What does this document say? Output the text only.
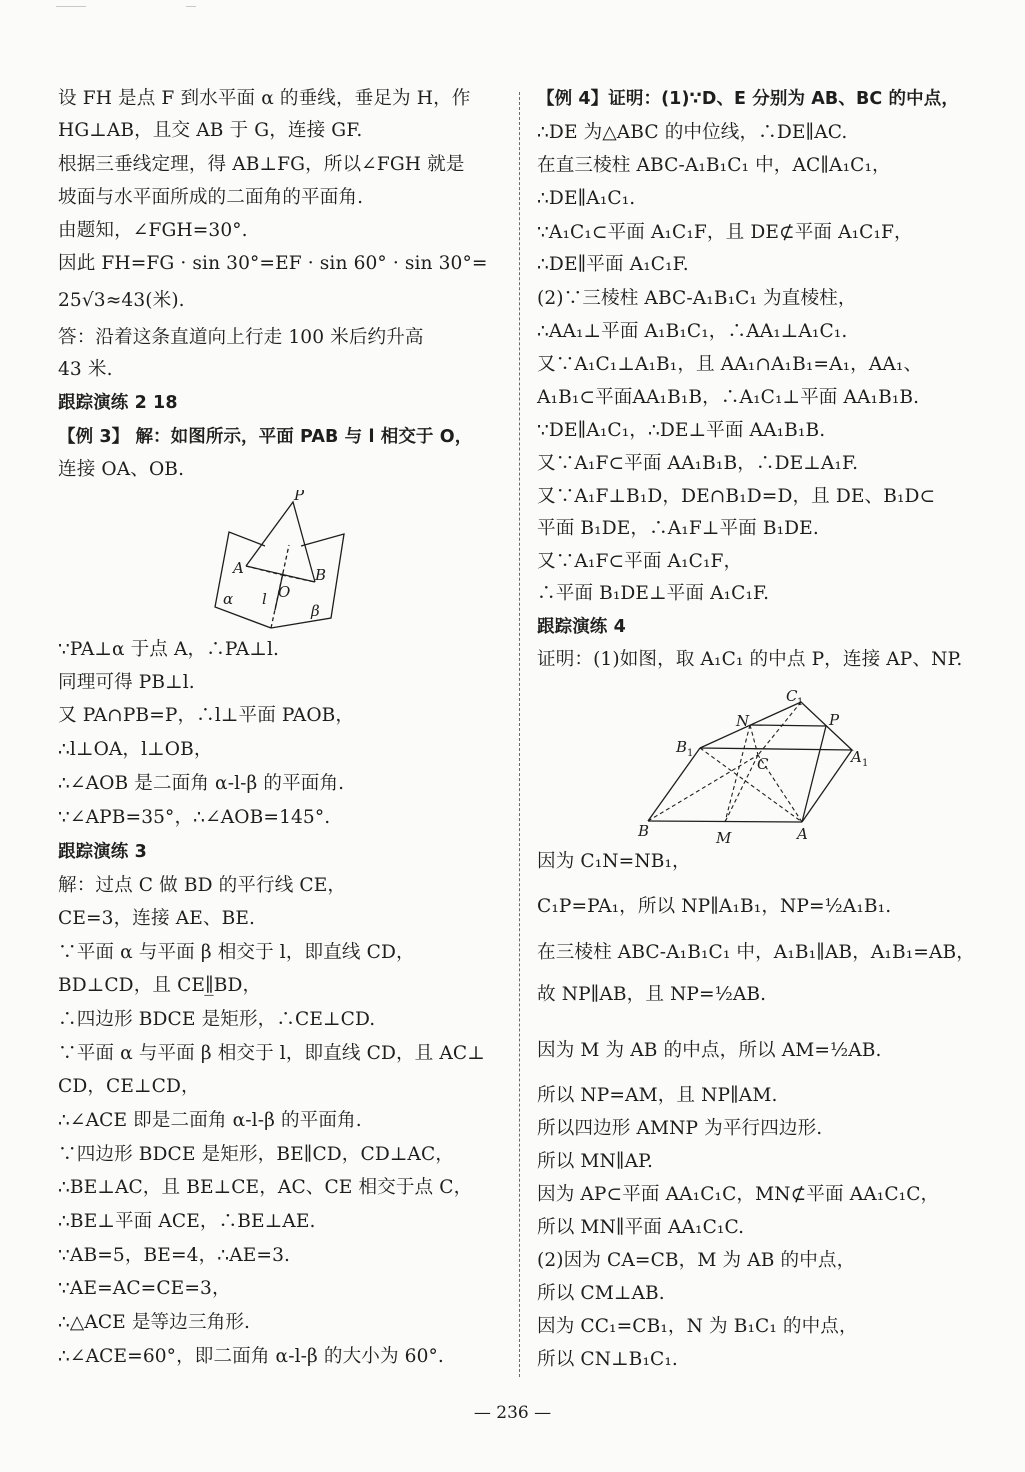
设 FH 是点 F 到水平面 α 的垂线，垂足为 H，作
HG⊥AB，且交 AB 于 G，连接 GF.
根据三垂线定理，得 AB⊥FG，所以∠FGH 就是
坡面与水平面所成的二面角的平面角.
由题知，∠FGH=30°.
因此 FH=FG · sin 30°=EF · sin 60° · sin 30°=
25√3≈43(米).
答：沿着这条直道向上行走 100 米后约升高
43 米.
跟踪演练 2 18
【例 3】 解：如图所示，平面 PAB 与 l 相交于 O，
连接 OA、OB.
∵PA⊥α 于点 A，∴PA⊥l.
同理可得 PB⊥l.
又 PA∩PB=P，∴l⊥平面 PAOB，
∴l⊥OA，l⊥OB，
∴∠AOB 是二面角 α-l-β 的平面角.
∵∠APB=35°，∴∠AOB=145°.
跟踪演练 3
解：过点 C 做 BD 的平行线 CE，
CE=3，连接 AE、BE.
∵平面 α 与平面 β 相交于 l，即直线 CD，
BD⊥CD，且 CE∥̲BD，
∴四边形 BDCE 是矩形，∴CE⊥CD.
∵平面 α 与平面 β 相交于 l，即直线 CD，且 AC⊥
CD，CE⊥CD，
∴∠ACE 即是二面角 α-l-β 的平面角.
∵四边形 BDCE 是矩形，BE∥CD，CD⊥AC，
∴BE⊥AC，且 BE⊥CE，AC、CE 相交于点 C，
∴BE⊥平面 ACE，∴BE⊥AE.
∵AB=5，BE=4，∴AE=3.
∵AE=AC=CE=3，
∴△ACE 是等边三角形.
∴∠ACE=60°，即二面角 α-l-β 的大小为 60°.
【例 4】证明：(1)∵D、E 分别为 AB、BC 的中点，
∴DE 为△ABC 的中位线，∴DE∥AC.
在直三棱柱 ABC-A₁B₁C₁ 中，AC∥A₁C₁，
∴DE∥A₁C₁.
∵A₁C₁⊂平面 A₁C₁F，且 DE⊄平面 A₁C₁F，
∴DE∥平面 A₁C₁F.
(2)∵三棱柱 ABC-A₁B₁C₁ 为直棱柱，
∴AA₁⊥平面 A₁B₁C₁，∴AA₁⊥A₁C₁.
又∵A₁C₁⊥A₁B₁，且 AA₁∩A₁B₁=A₁，AA₁、
A₁B₁⊂平面AA₁B₁B，∴A₁C₁⊥平面 AA₁B₁B.
∵DE∥A₁C₁，∴DE⊥平面 AA₁B₁B.
又∵A₁F⊂平面 AA₁B₁B，∴DE⊥A₁F.
又∵A₁F⊥B₁D，DE∩B₁D=D，且 DE、B₁D⊂
平面 B₁DE，∴A₁F⊥平面 B₁DE.
又∵A₁F⊂平面 A₁C₁F，
∴平面 B₁DE⊥平面 A₁C₁F.
跟踪演练 4
证明：(1)如图，取 A₁C₁ 的中点 P，连接 AP、NP.
因为 C₁N=NB₁，
C₁P=PA₁，所以 NP∥A₁B₁，NP=½A₁B₁.
在三棱柱 ABC-A₁B₁C₁ 中，A₁B₁∥AB，A₁B₁=AB，
故 NP∥AB，且 NP=½AB.
因为 M 为 AB 的中点，所以 AM=½AB.
所以 NP=AM，且 NP∥AM.
所以四边形 AMNP 为平行四边形.
所以 MN∥AP.
因为 AP⊂平面 AA₁C₁C，MN⊄平面 AA₁C₁C，
所以 MN∥平面 AA₁C₁C.
(2)因为 CA=CB，M 为 AB 的中点，
所以 CM⊥AB.
因为 CC₁=CB₁，N 为 B₁C₁ 的中点，
所以 CN⊥B₁C₁.
P
A	B
O
l
α
β
C 1
N	P
B 1	A 1
C
B	M	A
— 236 —
